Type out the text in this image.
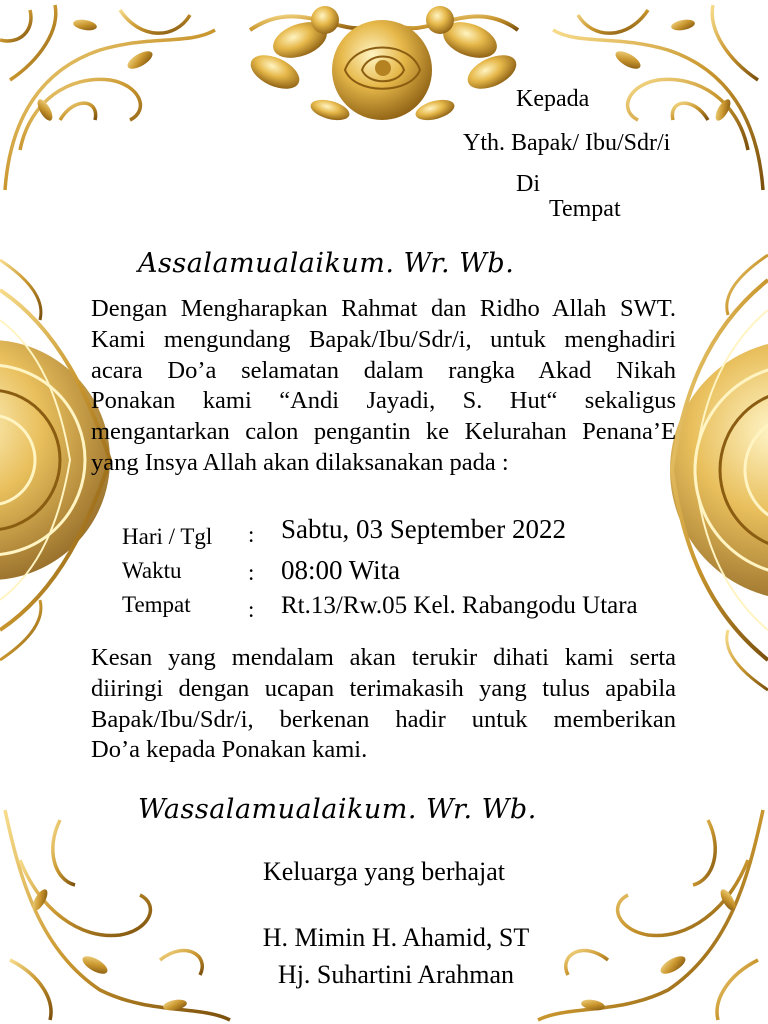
Kepada
Yth. Bapak/ Ibu/Sdr/i
Di
Tempat
Assalamualaikum. Wr. Wb.
Dengan Mengharapkan Rahmat dan Ridho Allah SWT.
Kami mengundang Bapak/Ibu/Sdr/i, untuk menghadiri
acara Do’a selamatan dalam rangka Akad Nikah
Ponakan kami “Andi Jayadi, S. Hut“ sekaligus
mengantarkan calon pengantin ke Kelurahan Penana’E
yang Insya Allah akan dilaksanakan pada :
Hari / Tgl : Sabtu, 03 September 2022
Waktu	: 08:00 Wita
Tempat : Rt.13/Rw.05 Kel. Rabangodu Utara
Kesan yang mendalam akan terukir dihati kami serta
diiringi dengan ucapan terimakasih yang tulus apabila
Bapak/Ibu/Sdr/i, berkenan hadir untuk memberikan
Do’a kepada Ponakan kami.
Wassalamualaikum. Wr. Wb.
Keluarga yang berhajat
H. Mimin H. Ahamid, ST
Hj. Suhartini Arahman
